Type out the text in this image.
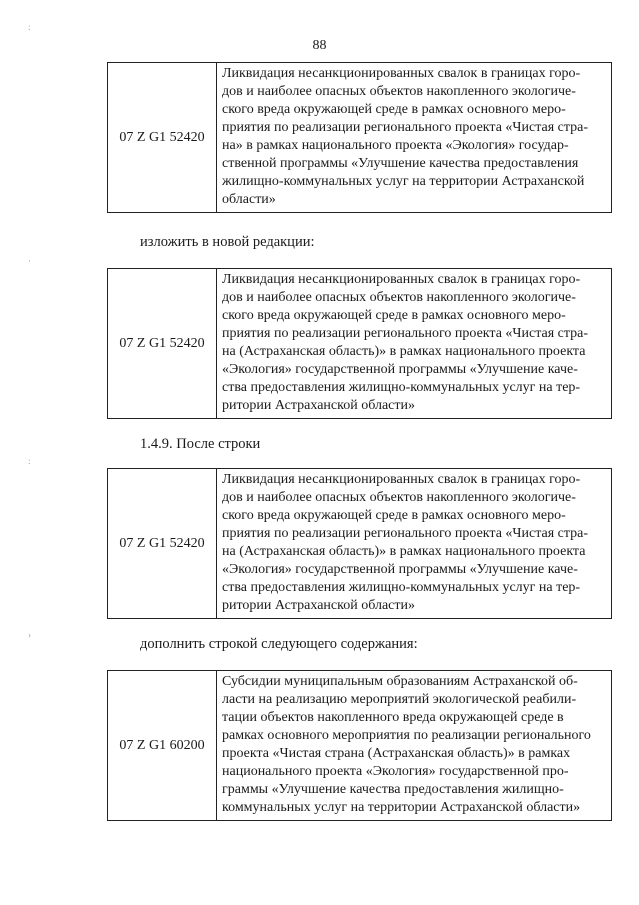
88
07 Z G1 52420	
Ликвидация несанкционированных свалок в границах горо-
дов и наиболее опасных объектов накопленного экологиче-
ского вреда окружающей среде в рамках основного меро-
приятия по реализации регионального проекта «Чистая стра-
на» в рамках национального проекта «Экология» государ-
ственной программы «Улучшение качества предоставления
жилищно-коммунальных услуг на территории Астраханской
области»
изложить в новой редакции:
07 Z G1 52420	
Ликвидация несанкционированных свалок в границах горо-
дов и наиболее опасных объектов накопленного экологиче-
ского вреда окружающей среде в рамках основного меро-
приятия по реализации регионального проекта «Чистая стра-
на (Астраханская область)» в рамках национального проекта
«Экология» государственной программы «Улучшение каче-
ства предоставления жилищно-коммунальных услуг на тер-
ритории Астраханской области»
1.4.9. После строки
07 Z G1 52420	
Ликвидация несанкционированных свалок в границах горо-
дов и наиболее опасных объектов накопленного экологиче-
ского вреда окружающей среде в рамках основного меро-
приятия по реализации регионального проекта «Чистая стра-
на (Астраханская область)» в рамках национального проекта
«Экология» государственной программы «Улучшение каче-
ства предоставления жилищно-коммунальных услуг на тер-
ритории Астраханской области»
дополнить строкой следующего содержания:
07 Z G1 60200	
Субсидии муниципальным образованиям Астраханской об-
ласти на реализацию мероприятий экологической реабили-
тации объектов накопленного вреда окружающей среде в
рамках основного мероприятия по реализации регионального
проекта «Чистая страна (Астраханская область)» в рамках
национального проекта «Экология» государственной про-
граммы «Улучшение качества предоставления жилищно-
коммунальных услуг на территории Астраханской области»
:
·
:
›
